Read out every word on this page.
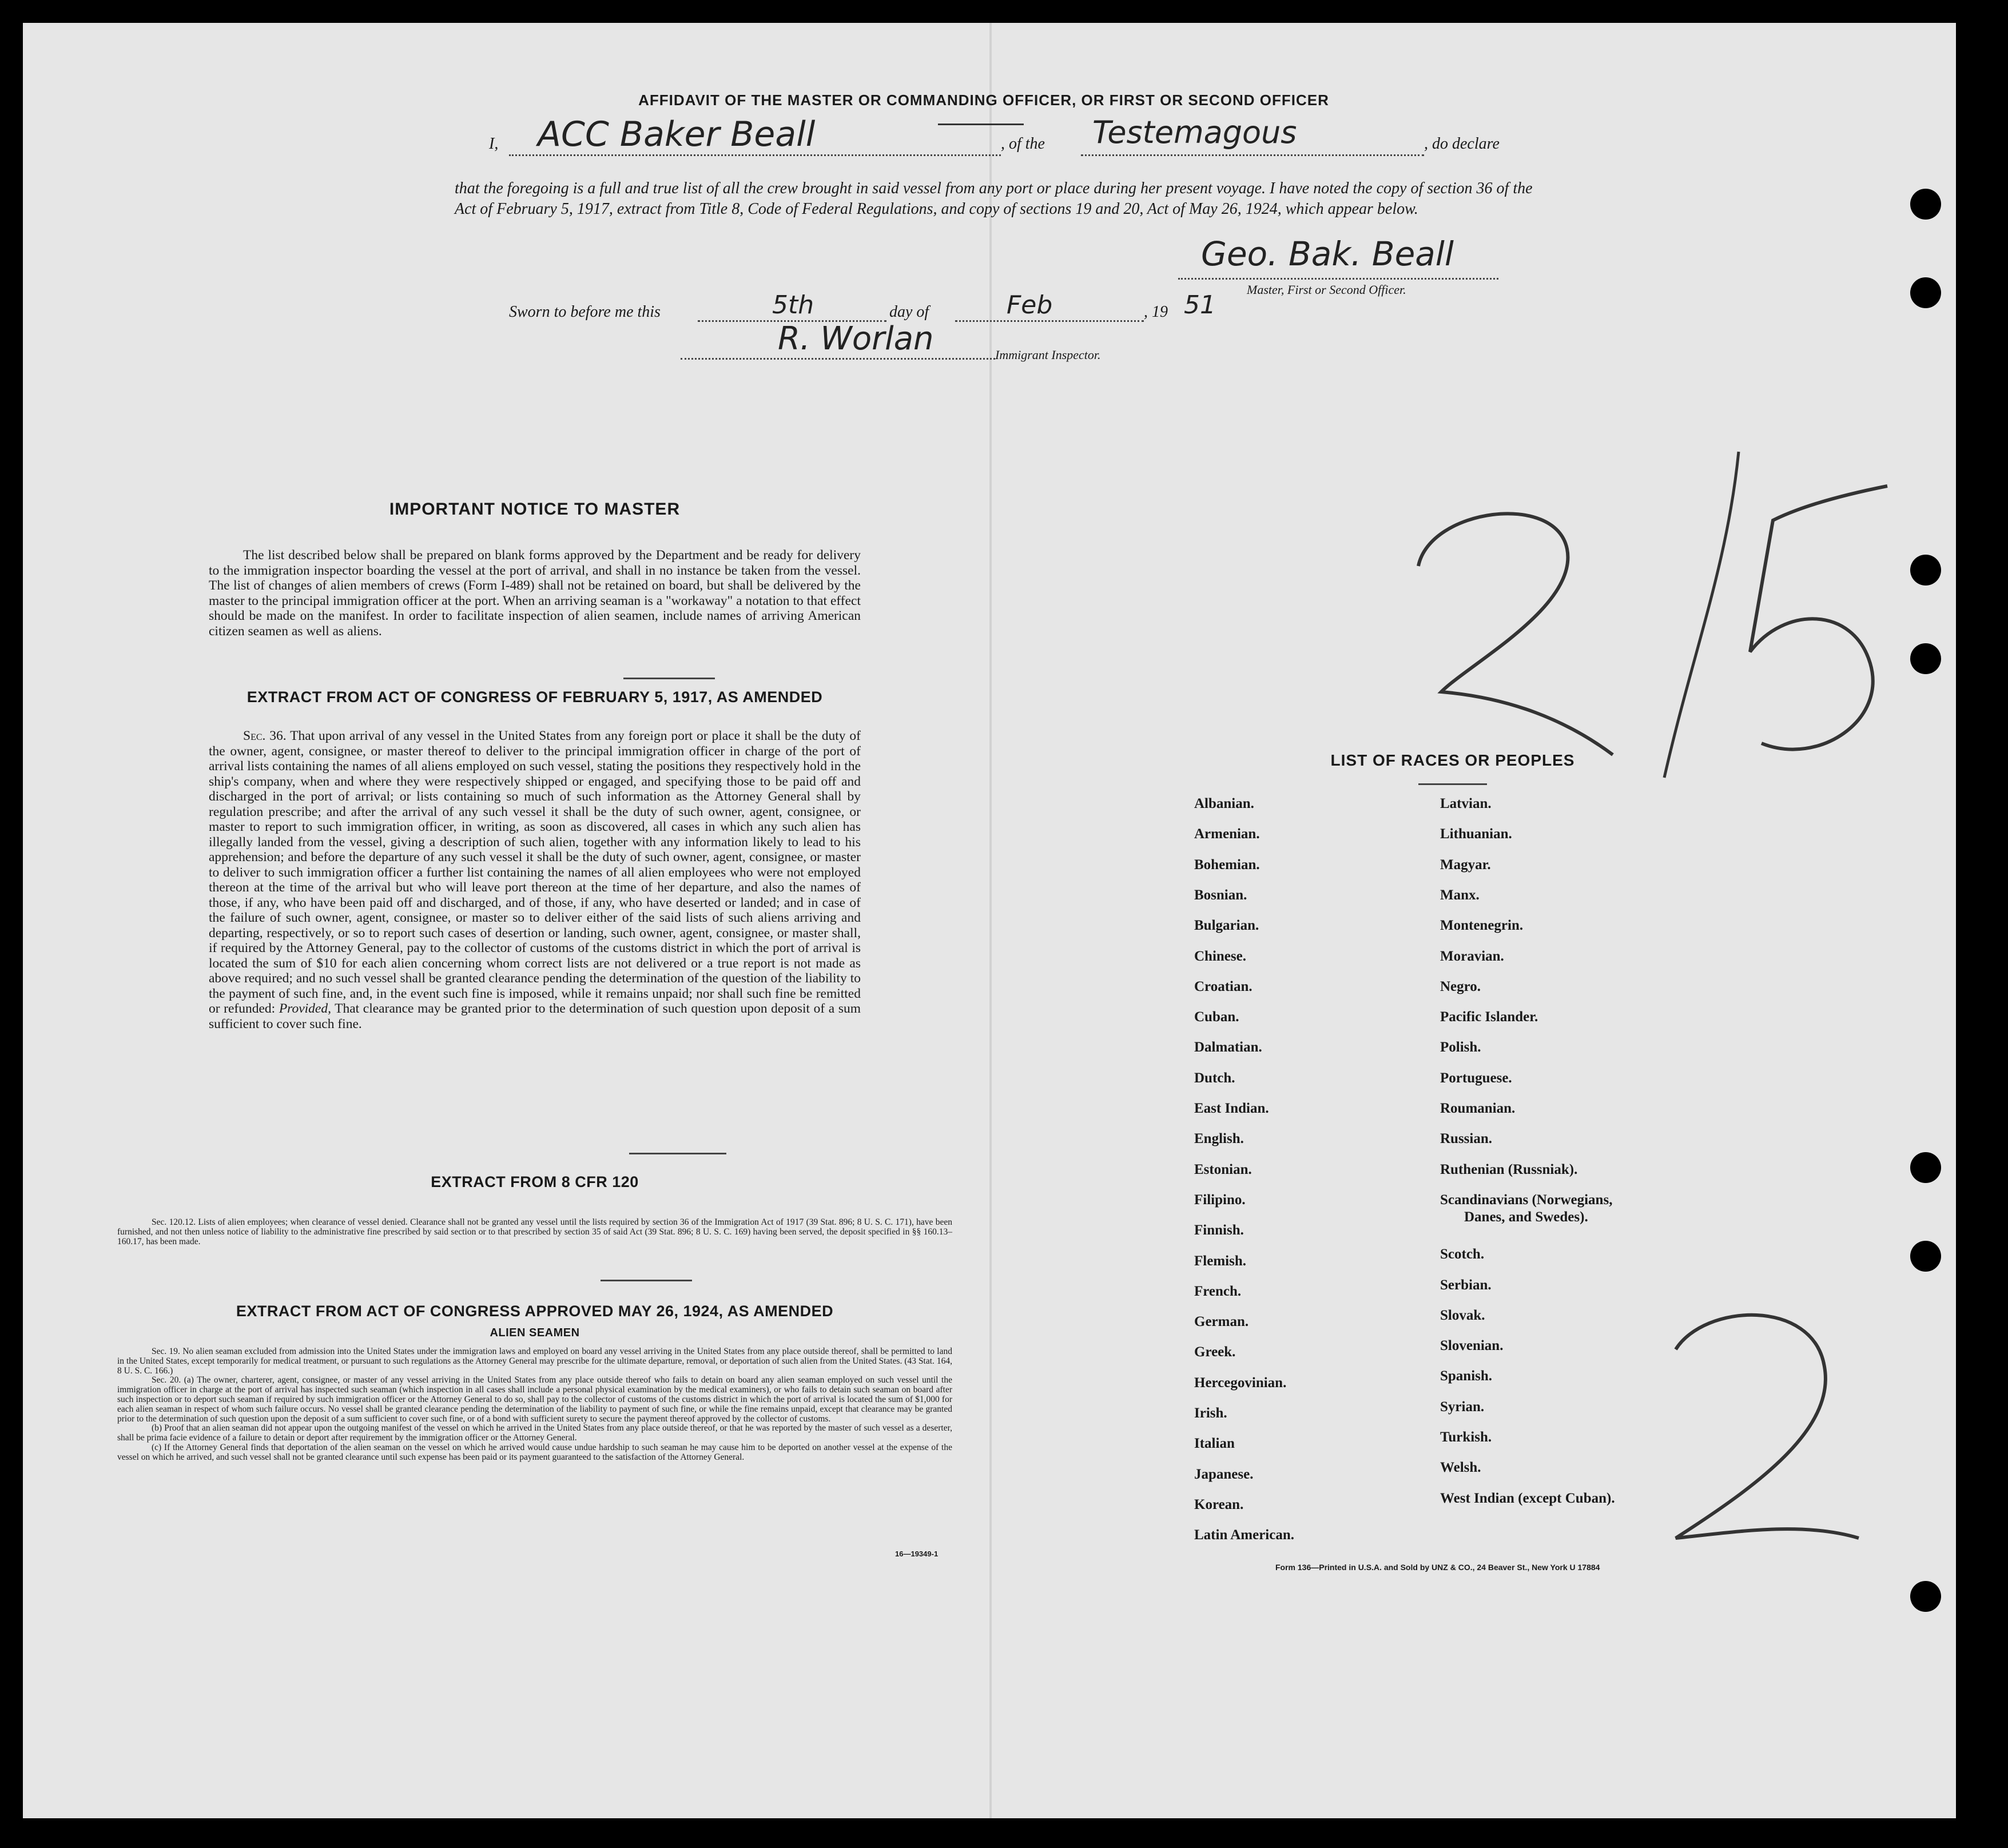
AFFIDAVIT OF THE MASTER OR COMMANDING OFFICER, OR FIRST OR SECOND OFFICER
I, ACC Baker Beall	, of the Testemagous	, do declare
that the foregoing is a full and true list of all the crew brought in said vessel from any port or place during her present voyage. I have noted the copy of section 36 of the Act of February 5, 1917, extract from Title 8, Code of Federal Regulations, and copy of sections 19 and 20, Act of May 26, 1924, which appear below.
Geo. Bak. Beall
Master, First or Second Officer.
Sworn to before me this	5th	day of	Feb	, 19 51
R. Worlan	Immigrant Inspector.
IMPORTANT NOTICE TO MASTER
The list described below shall be prepared on blank forms approved by the Department and be ready for delivery to the immigration inspector boarding the vessel at the port of arrival, and shall in no instance be taken from the vessel. The list of changes of alien members of crews (Form I-489) shall not be retained on board, but shall be delivered by the master to the principal immigration officer at the port. When an arriving seaman is a "workaway" a notation to that effect should be made on the manifest. In order to facilitate inspection of alien seamen, include names of arriving American citizen seamen as well as aliens.
EXTRACT FROM ACT OF CONGRESS OF FEBRUARY 5, 1917, AS AMENDED
Sec. 36. That upon arrival of any vessel in the United States from any foreign port or place it shall be the duty of the owner, agent, consignee, or master thereof to deliver to the principal immigration officer in charge of the port of arrival lists containing the names of all aliens employed on such vessel, stating the positions they respectively hold in the ship's company, when and where they were respectively shipped or engaged, and specifying those to be paid off and discharged in the port of arrival; or lists containing so much of such information as the Attorney General shall by regulation prescribe; and after the arrival of any such vessel it shall be the duty of such owner, agent, consignee, or master to report to such immigration officer, in writing, as soon as discovered, all cases in which any such alien has illegally landed from the vessel, giving a description of such alien, together with any information likely to lead to his apprehension; and before the departure of any such vessel it shall be the duty of such owner, agent, consignee, or master to deliver to such immigration officer a further list containing the names of all alien employees who were not employed thereon at the time of the arrival but who will leave port thereon at the time of her departure, and also the names of those, if any, who have been paid off and discharged, and of those, if any, who have deserted or landed; and in case of the failure of such owner, agent, consignee, or master so to deliver either of the said lists of such aliens arriving and departing, respectively, or so to report such cases of desertion or landing, such owner, agent, consignee, or master shall, if required by the Attorney General, pay to the collector of customs of the customs district in which the port of arrival is located the sum of $10 for each alien concerning whom correct lists are not delivered or a true report is not made as above required; and no such vessel shall be granted clearance pending the determination of the question of the liability to the payment of such fine, and, in the event such fine is imposed, while it remains unpaid; nor shall such fine be remitted or refunded: Provided, That clearance may be granted prior to the determination of such question upon deposit of a sum sufficient to cover such fine.
EXTRACT FROM 8 CFR 120

Sec. 120.12. Lists of alien employees; when clearance of vessel denied. Clearance shall not be granted any vessel until the lists required by section 36 of the Immigration Act of 1917 (39 Stat. 896; 8 U. S. C. 171), have been furnished, and not then unless notice of liability to the administrative fine prescribed by said section or to that prescribed by section 35 of said Act (39 Stat. 896; 8 U. S. C. 169) having been served, the deposit specified in §§ 160.13–160.17, has been made.

EXTRACT FROM ACT OF CONGRESS APPROVED MAY 26, 1924, AS AMENDED
ALIEN SEAMEN

Sec. 19. No alien seaman excluded from admission into the United States under the immigration laws and employed on board any vessel arriving in the United States from any place outside thereof, shall be permitted to land in the United States, except temporarily for medical treatment, or pursuant to such regulations as the Attorney General may prescribe for the ultimate departure, removal, or deportation of such alien from the United States. (43 Stat. 164, 8 U. S. C. 166.)

Sec. 20. (a) The owner, charterer, agent, consignee, or master of any vessel arriving in the United States from any place outside thereof who fails to detain on board any alien seaman employed on such vessel until the immigration officer in charge at the port of arrival has inspected such seaman (which inspection in all cases shall include a personal physical examination by the medical examiners), or who fails to detain such seaman on board after such inspection or to deport such seaman if required by such immigration officer or the Attorney General to do so, shall pay to the collector of customs of the customs district in which the port of arrival is located the sum of $1,000 for each alien seaman in respect of whom such failure occurs. No vessel shall be granted clearance pending the determination of the liability to payment of such fine, or while the fine remains unpaid, except that clearance may be granted prior to the determination of such question upon the deposit of a sum sufficient to cover such fine, or of a bond with sufficient surety to secure the payment thereof approved by the collector of customs.

(b) Proof that an alien seaman did not appear upon the outgoing manifest of the vessel on which he arrived in the United States from any place outside thereof, or that he was reported by the master of such vessel as a deserter, shall be prima facie evidence of a failure to detain or deport after requirement by the immigration officer or the Attorney General.

(c) If the Attorney General finds that deportation of the alien seaman on the vessel on which he arrived would cause undue hardship to such seaman he may cause him to be deported on another vessel at the expense of the vessel on which he arrived, and such vessel shall not be granted clearance until such expense has been paid or its payment guaranteed to the satisfaction of the Attorney General.

16—19349-1
LIST OF RACES OR PEOPLES
Form 136—Printed in U.S.A. and Sold by UNZ & CO., 24 Beaver St., New York U 17884
Albanian.
Armenian.
Bohemian.
Bosnian.
Bulgarian.
Chinese.
Croatian.
Cuban.
Dalmatian.
Dutch.
East Indian.
English.
Estonian.
Filipino.
Finnish.
Flemish.
French.
German.
Greek.
Hercegovinian.
Irish.
Italian
Japanese.
Korean.
Latin American.
Latvian.
Lithuanian.
Magyar.
Manx.
Montenegrin.
Moravian.
Negro.
Pacific Islander.
Polish.
Portuguese.
Roumanian.
Russian.
Ruthenian (Russniak).
Scandinavians (Norwegians,
Danes, and Swedes).
Scotch.
Serbian.
Slovak.
Slovenian.
Spanish.
Syrian.
Turkish.
Welsh.
West Indian (except Cuban).
